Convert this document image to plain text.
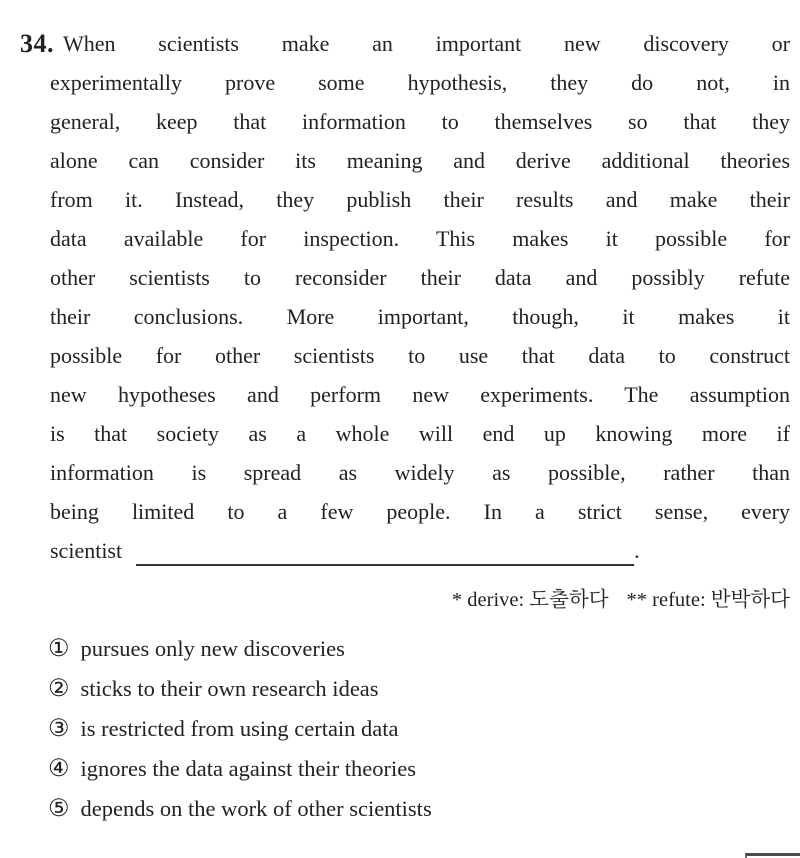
34. When scientists make an important new discovery or
experimentally prove some hypothesis, they do not, in
general, keep that information to themselves so that they
alone can consider its meaning and derive additional theories
from it. Instead, they publish their results and make their
data available for inspection. This makes it possible for
other scientists to reconsider their data and possibly refute
their conclusions. More important, though, it makes it
possible for other scientists to use that data to construct
new hypotheses and perform new experiments. The assumption
is that society as a whole will end up knowing more if
information is spread as widely as possible, rather than
being limited to a few people. In a strict sense, every
scientist	.
* derive: 도출하다 ** refute: 반박하다
① pursues only new discoveries
② sticks to their own research ideas
③ is restricted from using certain data
④ ignores the data against their theories
⑤ depends on the work of other scientists
